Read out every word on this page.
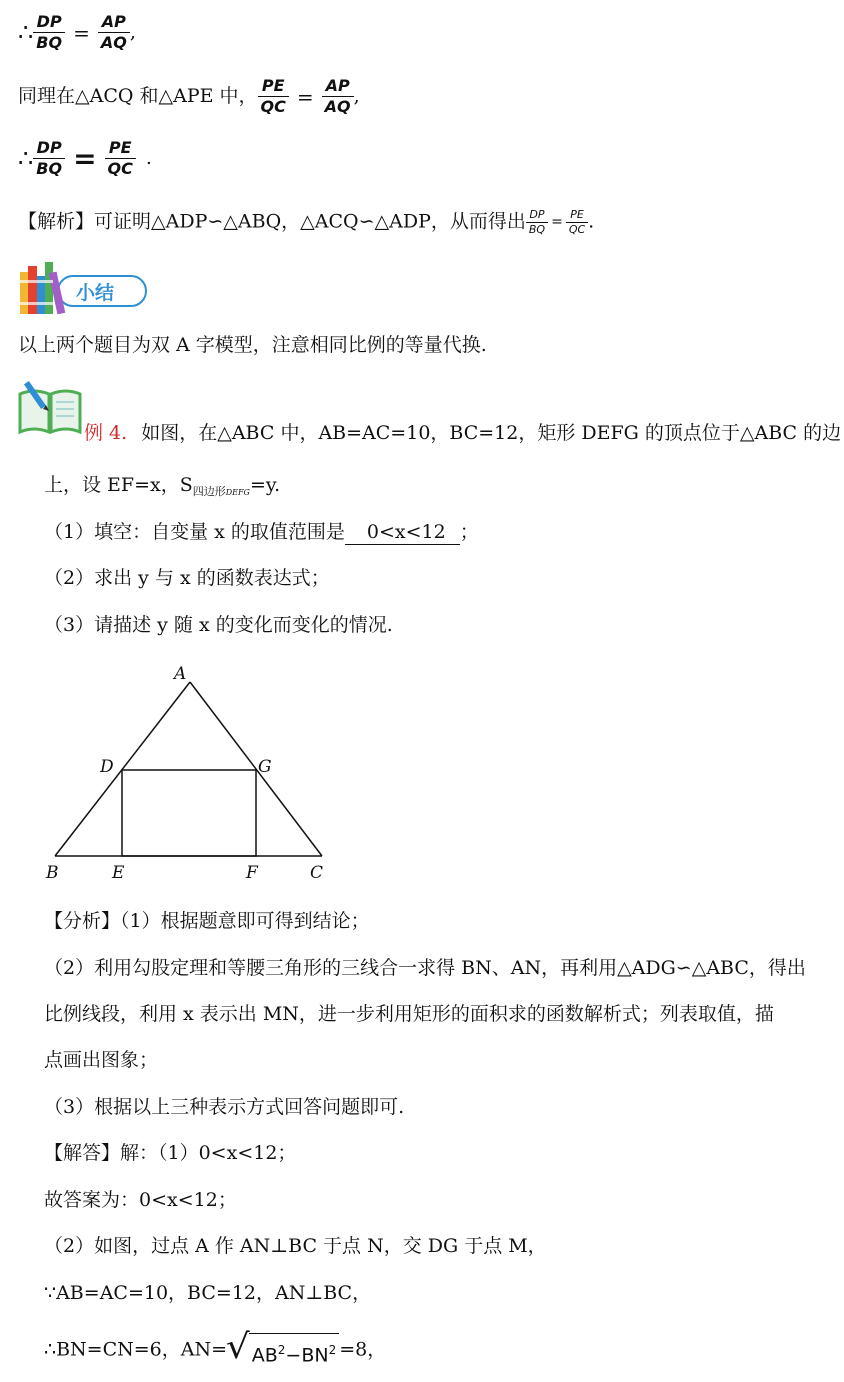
∴ $\frac{DP}{BQ} = \frac{AP}{AQ}$ ,
同理在△ACQ 和△APE 中， $\frac{PE}{QC} = \frac{AP}{AQ}$ ,
∴ $\frac{DP}{BQ} = \frac{PE}{QC}$ .
【解析】可证明△ADP∽△ABQ，△ACQ∽△ADP，从而得出 $\frac{DP}{BQ} = \frac{PE}{QC}$ .
小结
以上两个题目为双 A 字模型，注意相同比例的等量代换.
例 4. 如图，在△ABC 中，AB=AC=10，BC=12，矩形 DEFG 的顶点位于△ABC 的边
上，设 EF=x，$S_{四边形DEFG}=y$.
（1）填空：自变量 x 的取值范围是 0<x<12 ；
（2）求出 y 与 x 的函数表达式；
（3）请描述 y 随 x 的变化而变化的情况.
A
B	C
D
E	F
G
【分析】（1）根据题意即可得到结论；
（2）利用勾股定理和等腰三角形的三线合一求得 BN、AN，再利用△ADG∽△ABC，得出
比例线段，利用 x 表示出 MN，进一步利用矩形的面积求的函数解析式；列表取值，描
点画出图象；
（3）根据以上三种表示方式回答问题即可.
【解答】解：（1）0<x<12；
故答案为：0<x<12；
（2）如图，过点 A 作 AN⊥BC 于点 N，交 DG 于点 M，
∵AB=AC=10，BC=12，AN⊥BC，
∴BN=CN=6，AN=
√ $AB^2-BN^2 =8$，
